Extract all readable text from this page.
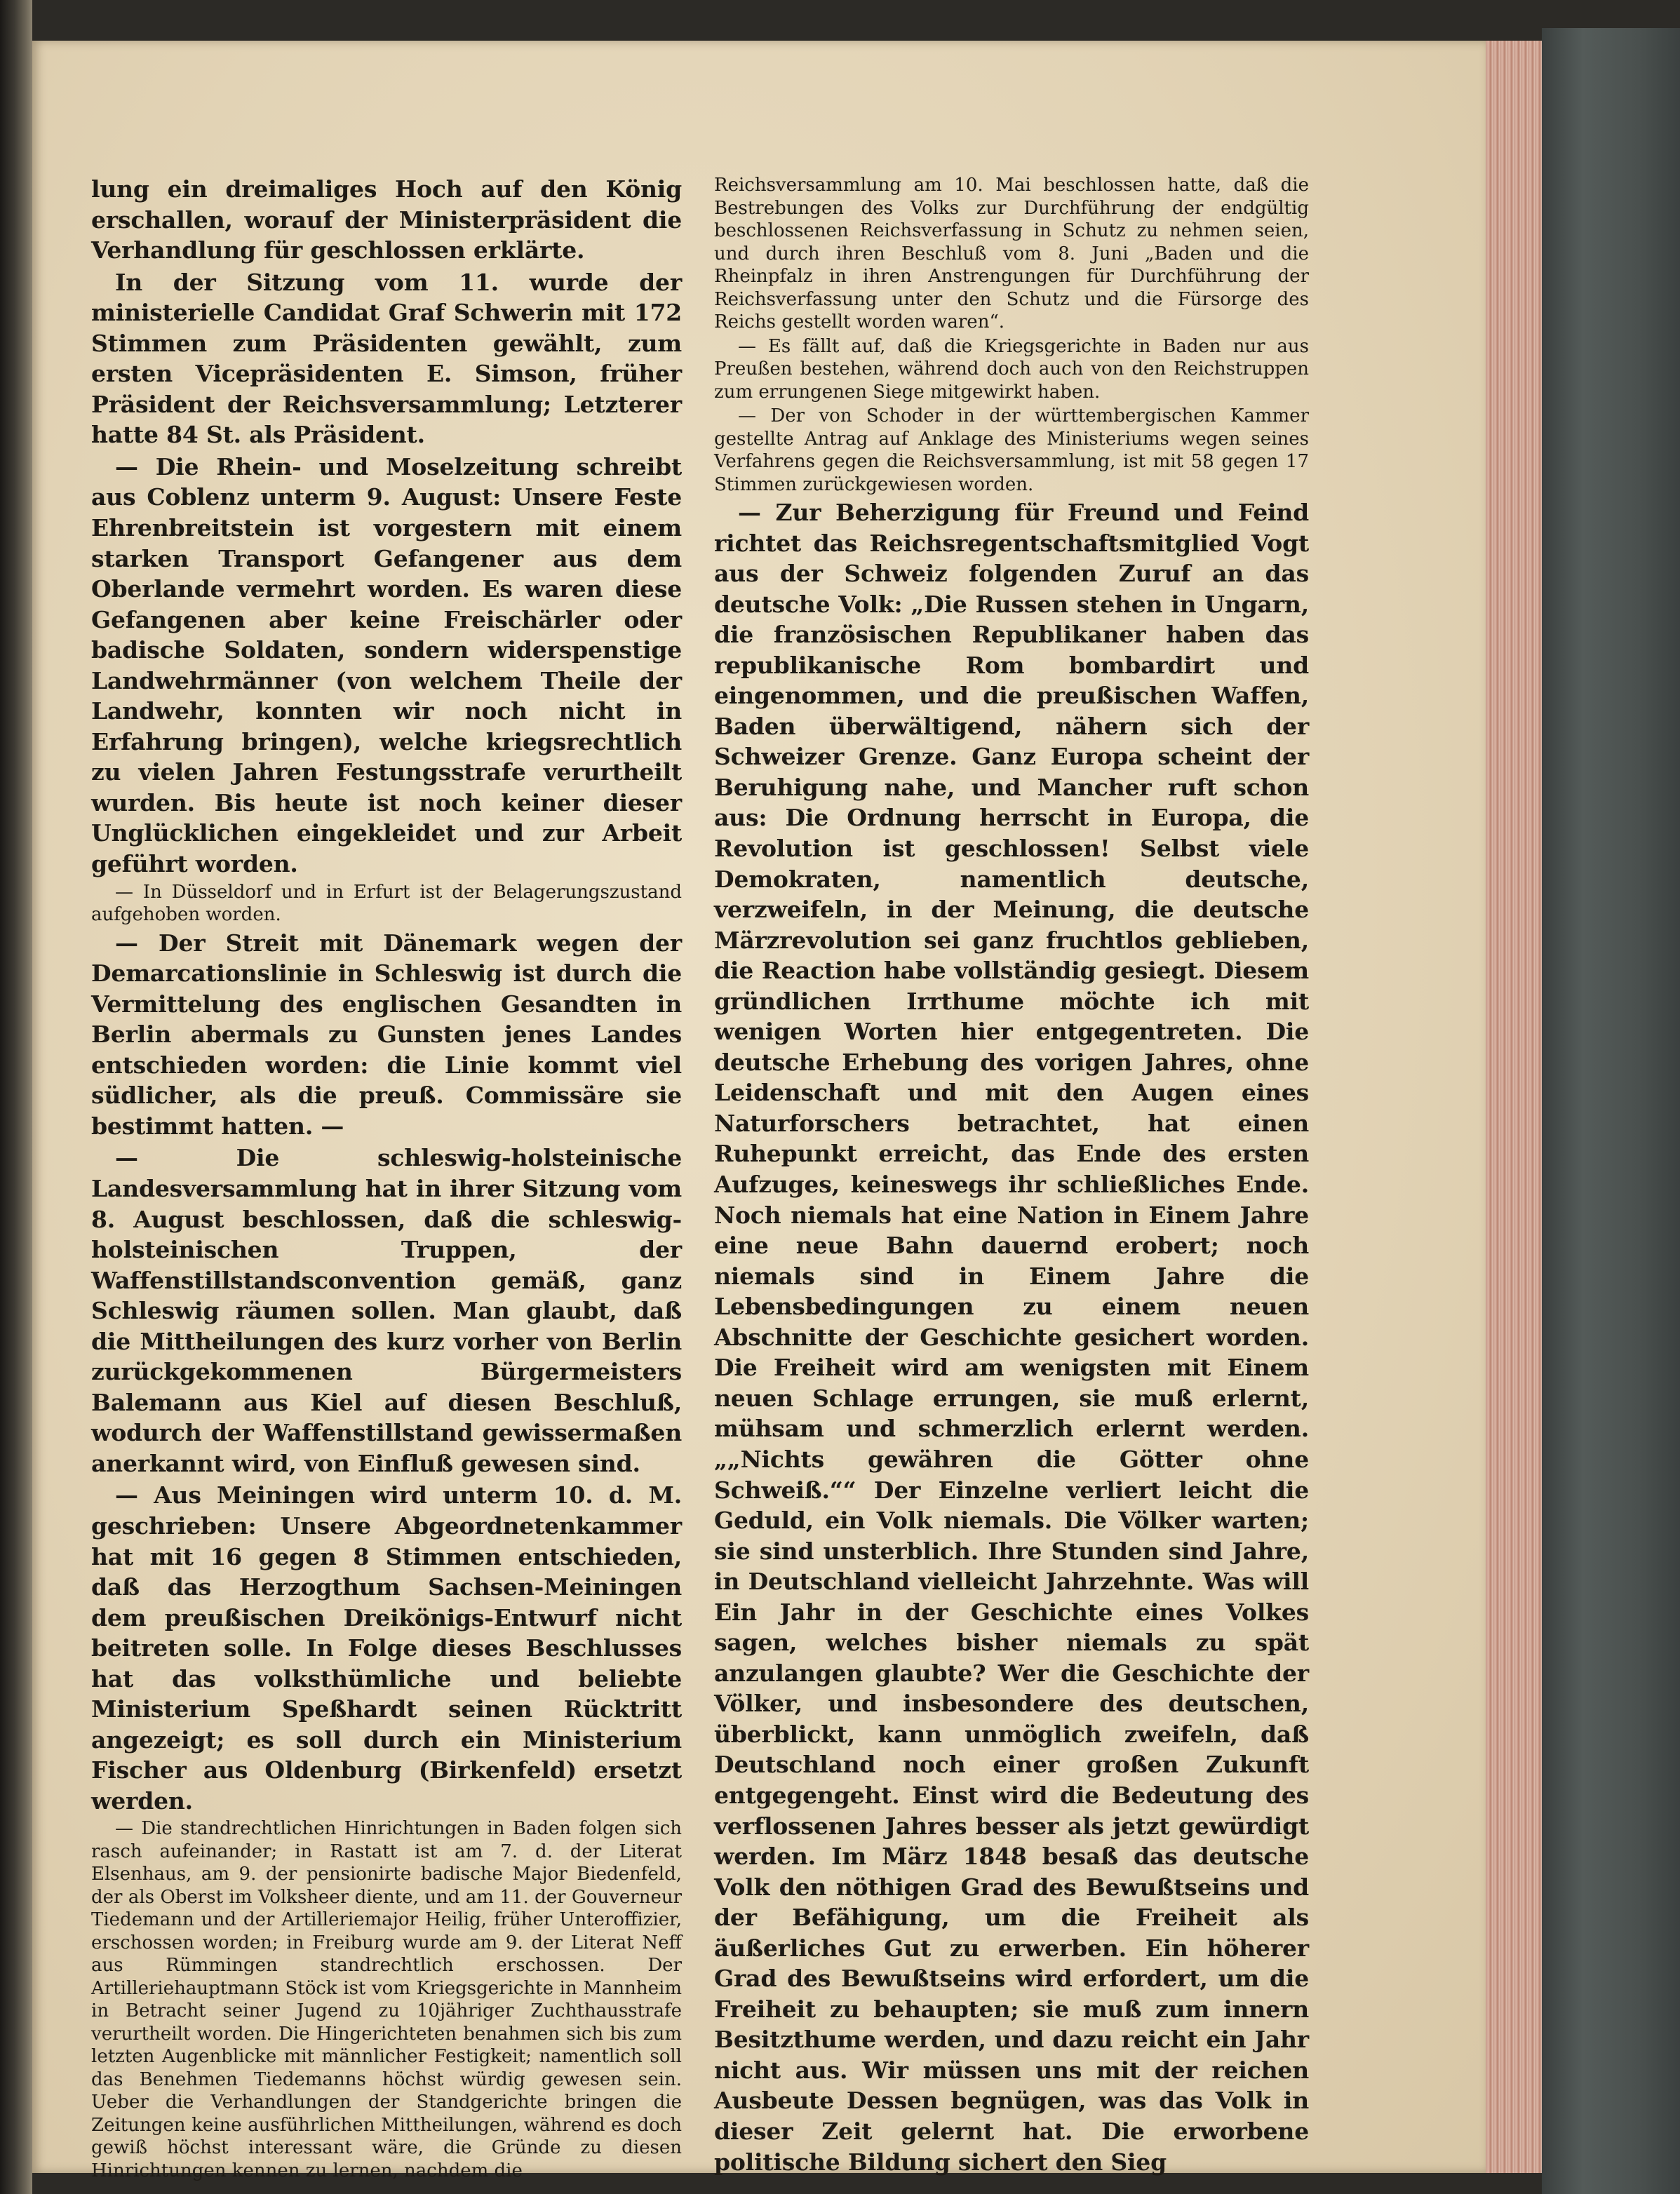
lung ein dreimaliges Hoch auf den König erschallen, worauf der Ministerpräsident die Verhandlung für geschlossen erklärte.

In der Sitzung vom 11. wurde der ministerielle Candidat Graf Schwerin mit 172 Stimmen zum Präsidenten gewählt, zum ersten Vicepräsidenten E. Simson, früher Präsident der Reichsversammlung; Letzterer hatte 84 St. als Präsident.

— Die Rhein- und Moselzeitung schreibt aus Coblenz unterm 9. August: Unsere Feste Ehrenbreitstein ist vorgestern mit einem starken Transport Gefangener aus dem Oberlande vermehrt worden. Es waren diese Gefangenen aber keine Freischärler oder badische Soldaten, sondern widerspenstige Landwehrmänner (von welchem Theile der Landwehr, konnten wir noch nicht in Erfahrung bringen), welche kriegsrechtlich zu vielen Jahren Festungsstrafe verurtheilt wurden. Bis heute ist noch keiner dieser Unglücklichen eingekleidet und zur Arbeit geführt worden.

— In Düsseldorf und in Erfurt ist der Belagerungszustand aufgehoben worden.

— Der Streit mit Dänemark wegen der Demarcationslinie in Schleswig ist durch die Vermittelung des englischen Gesandten in Berlin abermals zu Gunsten jenes Landes entschieden worden: die Linie kommt viel südlicher, als die preuß. Commissäre sie bestimmt hatten. —

— Die schleswig-holsteinische Landesversammlung hat in ihrer Sitzung vom 8. August beschlossen, daß die schleswig-holsteinischen Truppen, der Waffenstillstandsconvention gemäß, ganz Schleswig räumen sollen. Man glaubt, daß die Mittheilungen des kurz vorher von Berlin zurückgekommenen Bürgermeisters Balemann aus Kiel auf diesen Beschluß, wodurch der Waffenstillstand gewissermaßen anerkannt wird, von Einfluß gewesen sind.

— Aus Meiningen wird unterm 10. d. M. geschrieben: Unsere Abgeordnetenkammer hat mit 16 gegen 8 Stimmen entschieden, daß das Herzogthum Sachsen-Meiningen dem preußischen Dreikönigs-Entwurf nicht beitreten solle. In Folge dieses Beschlusses hat das volksthümliche und beliebte Ministerium Speßhardt seinen Rücktritt angezeigt; es soll durch ein Ministerium Fischer aus Oldenburg (Birkenfeld) ersetzt werden.

— Die standrechtlichen Hinrichtungen in Baden folgen sich rasch aufeinander; in Rastatt ist am 7. d. der Literat Elsenhaus, am 9. der pensionirte badische Major Biedenfeld, der als Oberst im Volksheer diente, und am 11. der Gouverneur Tiedemann und der Artilleriemajor Heilig, früher Unteroffizier, erschossen worden; in Freiburg wurde am 9. der Literat Neff aus Rümmingen standrechtlich erschossen. Der Artilleriehauptmann Stöck ist vom Kriegsgerichte in Mannheim in Betracht seiner Jugend zu 10jähriger Zuchthausstrafe verurtheilt worden. Die Hingerichteten benahmen sich bis zum letzten Augenblicke mit männlicher Festigkeit; namentlich soll das Benehmen Tiedemanns höchst würdig gewesen sein. Ueber die Verhandlungen der Standgerichte bringen die Zeitungen keine ausführlichen Mittheilungen, während es doch gewiß höchst interessant wäre, die Gründe zu diesen Hinrichtungen kennen zu lernen, nachdem die

Reichsversammlung am 10. Mai beschlossen hatte, daß die Bestrebungen des Volks zur Durchführung der endgültig beschlossenen Reichsverfassung in Schutz zu nehmen seien, und durch ihren Beschluß vom 8. Juni „Baden und die Rheinpfalz in ihren Anstrengungen für Durchführung der Reichsverfassung unter den Schutz und die Fürsorge des Reichs gestellt worden waren“.

— Es fällt auf, daß die Kriegsgerichte in Baden nur aus Preußen bestehen, während doch auch von den Reichstruppen zum errungenen Siege mitgewirkt haben.

— Der von Schoder in der württembergischen Kammer gestellte Antrag auf Anklage des Ministeriums wegen seines Verfahrens gegen die Reichsversammlung, ist mit 58 gegen 17 Stimmen zurückgewiesen worden.

— Zur Beherzigung für Freund und Feind richtet das Reichsregentschaftsmitglied Vogt aus der Schweiz folgenden Zuruf an das deutsche Volk: „Die Russen stehen in Ungarn, die französischen Republikaner haben das republikanische Rom bombardirt und eingenommen, und die preußischen Waffen, Baden überwältigend, nähern sich der Schweizer Grenze. Ganz Europa scheint der Beruhigung nahe, und Mancher ruft schon aus: Die Ordnung herrscht in Europa, die Revolution ist geschlossen! Selbst viele Demokraten, namentlich deutsche, verzweifeln, in der Meinung, die deutsche Märzrevolution sei ganz fruchtlos geblieben, die Reaction habe vollständig gesiegt. Diesem gründlichen Irrthume möchte ich mit wenigen Worten hier entgegentreten. Die deutsche Erhebung des vorigen Jahres, ohne Leidenschaft und mit den Augen eines Naturforschers betrachtet, hat einen Ruhepunkt erreicht, das Ende des ersten Aufzuges, keineswegs ihr schließliches Ende. Noch niemals hat eine Nation in Einem Jahre eine neue Bahn dauernd erobert; noch niemals sind in Einem Jahre die Lebensbedingungen zu einem neuen Abschnitte der Geschichte gesichert worden. Die Freiheit wird am wenigsten mit Einem neuen Schlage errungen, sie muß erlernt, mühsam und schmerzlich erlernt werden. „„Nichts gewähren die Götter ohne Schweiß.““ Der Einzelne verliert leicht die Geduld, ein Volk niemals. Die Völker warten; sie sind unsterblich. Ihre Stunden sind Jahre, in Deutschland vielleicht Jahrzehnte. Was will Ein Jahr in der Geschichte eines Volkes sagen, welches bisher niemals zu spät anzulangen glaubte? Wer die Geschichte der Völker, und insbesondere des deutschen, überblickt, kann unmöglich zweifeln, daß Deutschland noch einer großen Zukunft entgegengeht. Einst wird die Bedeutung des verflossenen Jahres besser als jetzt gewürdigt werden. Im März 1848 besaß das deutsche Volk den nöthigen Grad des Bewußtseins und der Befähigung, um die Freiheit als äußerliches Gut zu erwerben. Ein höherer Grad des Bewußtseins wird erfordert, um die Freiheit zu behaupten; sie muß zum innern Besitzthume werden, und dazu reicht ein Jahr nicht aus. Wir müssen uns mit der reichen Ausbeute Dessen begnügen, was das Volk in dieser Zeit gelernt hat. Die erworbene politische Bildung sichert den Sieg
